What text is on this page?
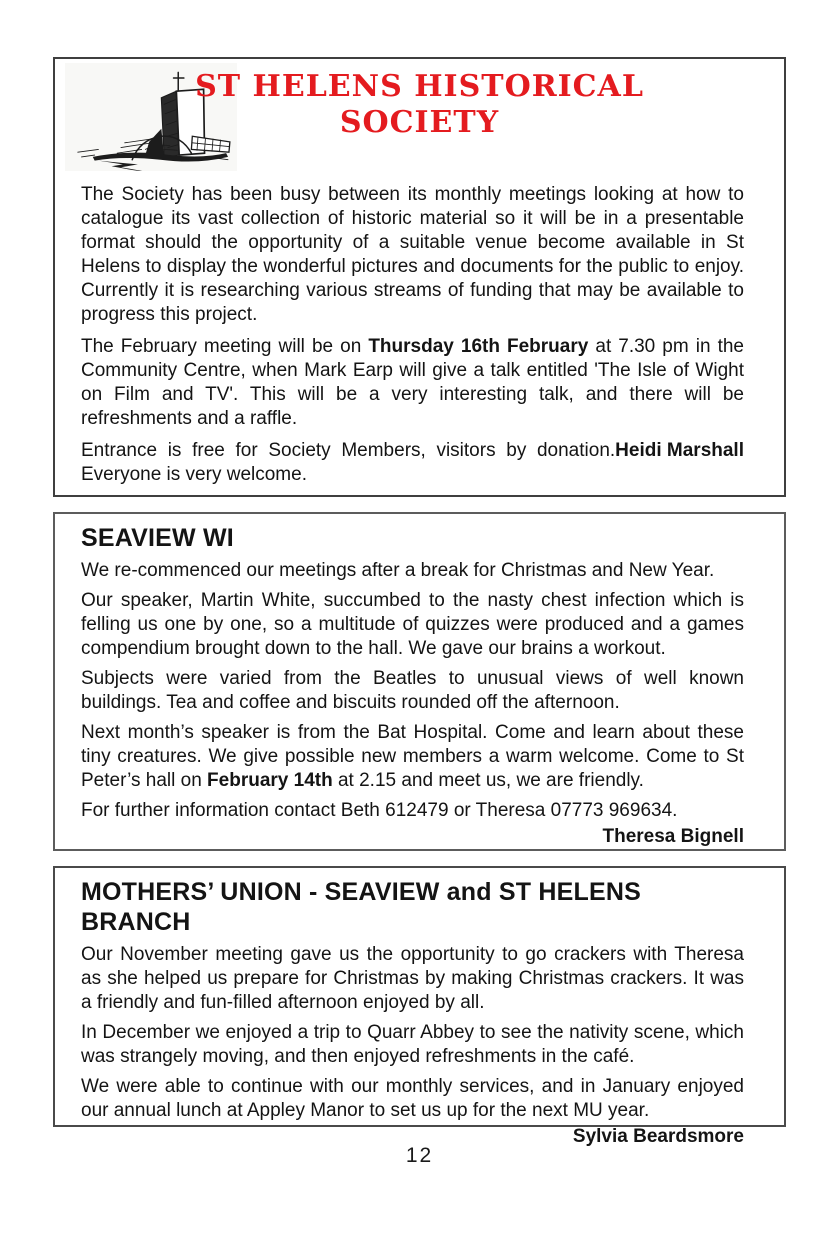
ST HELENS HISTORICAL
SOCIETY

The Society has been busy between its monthly meetings looking at how to catalogue its vast collection of historic material so it will be in a presentable format should the opportunity of a suitable venue become available in St Helens to display the wonderful pictures and documents for the public to enjoy. Currently it is researching various streams of funding that may be available to progress this project.

The February meeting will be on Thursday 16th February at 7.30 pm in the Community Centre, when Mark Earp will give a talk entitled 'The Isle of Wight on Film and TV'. This will be a very interesting talk, and there will be refreshments and a raffle.

Heidi Marshall
Entrance is free for Society Members, visitors by donation. Everyone is very welcome.

SEAVIEW WI

We re-commenced our meetings after a break for Christmas and New Year.

Our speaker, Martin White, succumbed to the nasty chest infection which is felling us one by one, so a multitude of quizzes were produced and a games compendium brought down to the hall. We gave our brains a workout.

Subjects were varied from the Beatles to unusual views of well known buildings. Tea and coffee and biscuits rounded off the afternoon.

Next month’s speaker is from the Bat Hospital. Come and learn about these tiny creatures. We give possible new members a warm welcome. Come to St Peter’s hall on February 14th at 2.15 and meet us, we are friendly.

For further information contact Beth 612479 or Theresa 07773 969634.

Theresa Bignell
MOTHERS’ UNION - SEAVIEW and ST HELENS BRANCH

Our November meeting gave us the opportunity to go crackers with Theresa as she helped us prepare for Christmas by making Christmas crackers. It was a friendly and fun-filled afternoon enjoyed by all.

In December we enjoyed a trip to Quarr Abbey to see the nativity scene, which was strangely moving, and then enjoyed refreshments in the café.

We were able to continue with our monthly services, and in January enjoyed our annual lunch at Appley Manor to set us up for the next MU year.

Sylvia Beardsmore
12
